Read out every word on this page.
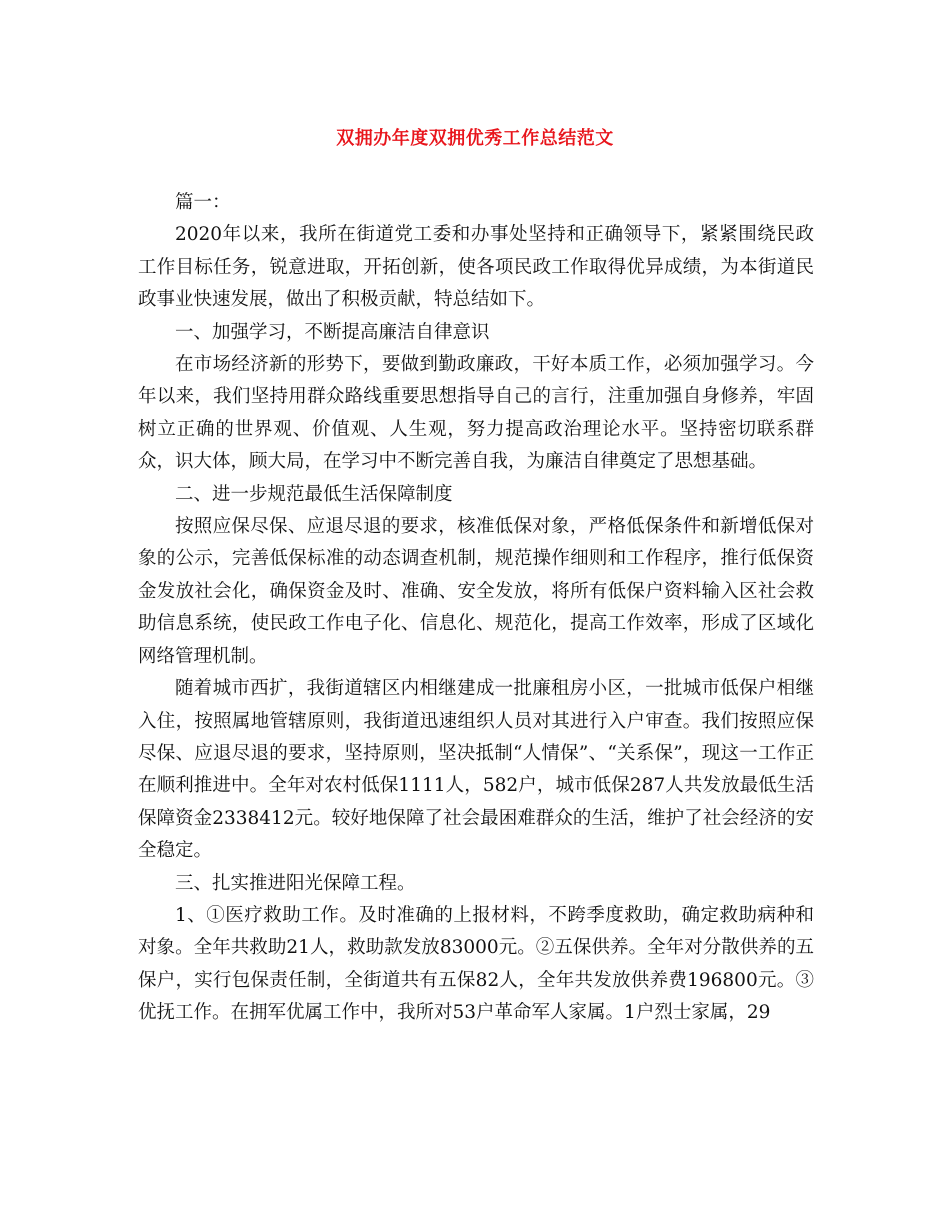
双拥办年度双拥优秀工作总结范文

篇一：

2020年以来，我所在街道党工委和办事处坚持和正确领导下，紧紧围绕民政工作目标任务，锐意进取，开拓创新，使各项民政工作取得优异成绩，为本街道民政事业快速发展，做出了积极贡献，特总结如下。

一、加强学习，不断提高廉洁自律意识

在市场经济新的形势下，要做到勤政廉政，干好本质工作，必须加强学习。今年以来，我们坚持用群众路线重要思想指导自己的言行，注重加强自身修养，牢固树立正确的世界观、价值观、人生观，努力提高政治理论水平。坚持密切联系群众，识大体，顾大局，在学习中不断完善自我，为廉洁自律奠定了思想基础。

二、进一步规范最低生活保障制度

按照应保尽保、应退尽退的要求，核准低保对象，严格低保条件和新增低保对象的公示，完善低保标准的动态调查机制，规范操作细则和工作程序，推行低保资金发放社会化，确保资金及时、准确、安全发放，将所有低保户资料输入区社会救助信息系统，使民政工作电子化、信息化、规范化，提高工作效率，形成了区域化网络管理机制。

随着城市西扩，我街道辖区内相继建成一批廉租房小区，一批城市低保户相继入住，按照属地管辖原则，我街道迅速组织人员对其进行入户审查。我们按照应保尽保、应退尽退的要求，坚持原则，坚决抵制“人情保”、“关系保”，现这一工作正在顺利推进中。全年对农村低保1111人，582户，城市低保287人共发放最低生活保障资金2338412元。较好地保障了社会最困难群众的生活，维护了社会经济的安全稳定。

三、扎实推进阳光保障工程。

1、①医疗救助工作。及时准确的上报材料，不跨季度救助，确定救助病种和对象。全年共救助21人，救助款发放83000元。②五保供养。全年对分散供养的五保户，实行包保责任制，全街道共有五保82人，全年共发放供养费196800元。③优抚工作。在拥军优属工作中，我所对53户革命军人家属。1户烈士家属，29
